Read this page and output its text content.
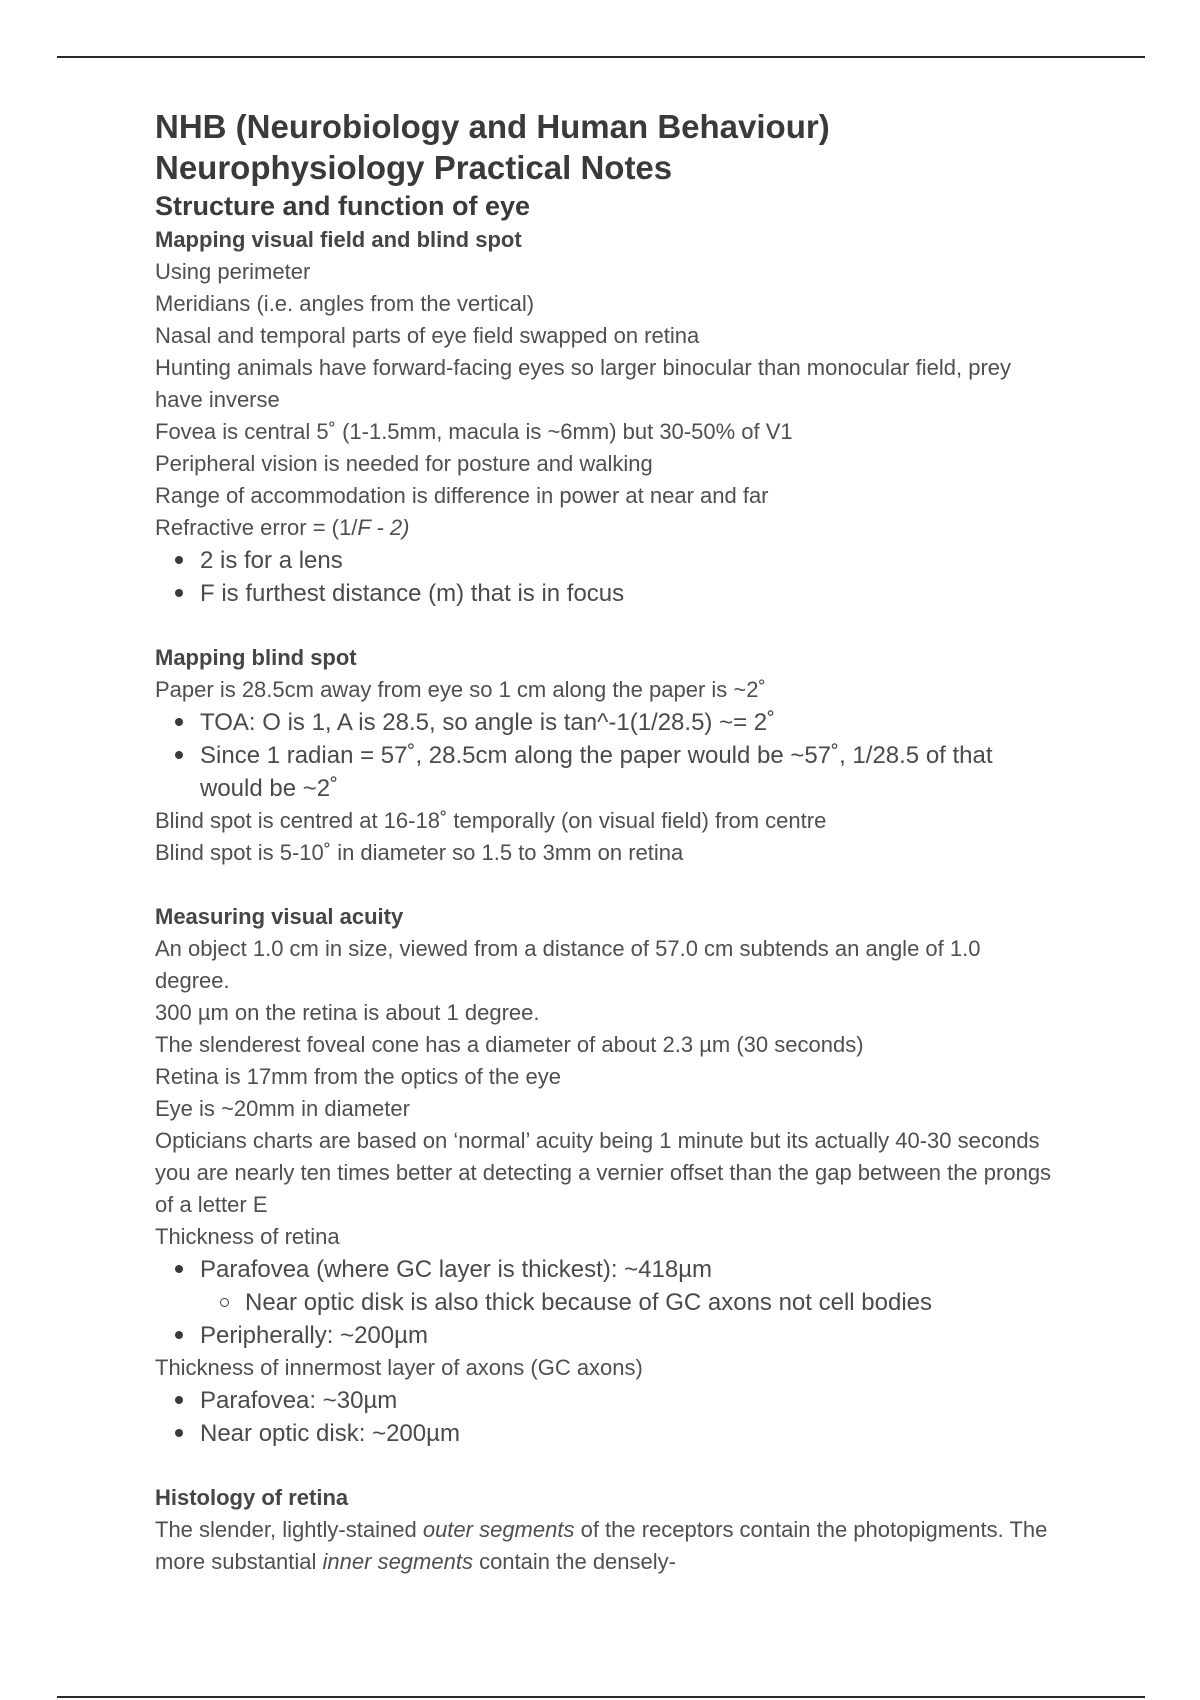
NHB (Neurobiology and Human Behaviour)
Neurophysiology Practical Notes
Structure and function of eye
Mapping visual field and blind spot

Using perimeter

Meridians (i.e. angles from the vertical)

Nasal and temporal parts of eye field swapped on retina

Hunting animals have forward-facing eyes so larger binocular than monocular field, prey have inverse

Fovea is central 5˚ (1-1.5mm, macula is ~6mm) but 30-50% of V1

Peripheral vision is needed for posture and walking

Range of accommodation is difference in power at near and far

Refractive error = (1/F - 2)

2 is for a lens
F is furthest distance (m) that is in focus
Mapping blind spot

Paper is 28.5cm away from eye so 1 cm along the paper is ~2˚

TOA: O is 1, A is 28.5, so angle is tan^-1(1/28.5) ~= 2˚
Since 1 radian = 57˚, 28.5cm along the paper would be ~57˚, 1/28.5 of that would be ~2˚

Blind spot is centred at 16-18˚ temporally (on visual field) from centre

Blind spot is 5-10˚ in diameter so 1.5 to 3mm on retina

Measuring visual acuity

An object 1.0 cm in size, viewed from a distance of 57.0 cm subtends an angle of 1.0 degree.

300 µm on the retina is about 1 degree.

The slenderest foveal cone has a diameter of about 2.3 µm (30 seconds)

Retina is 17mm from the optics of the eye

Eye is ~20mm in diameter

Opticians charts are based on ‘normal’ acuity being 1 minute but its actually 40-30 seconds

you are nearly ten times better at detecting a vernier offset than the gap between the prongs of a letter E

Thickness of retina

Parafovea (where GC layer is thickest): ~418µm
Near optic disk is also thick because of GC axons not cell bodies
Peripherally: ~200µm

Thickness of innermost layer of axons (GC axons)

Parafovea: ~30µm
Near optic disk: ~200µm
Histology of retina

The slender, lightly-stained outer segments of the receptors contain the photopigments. The more substantial inner segments contain the densely-
